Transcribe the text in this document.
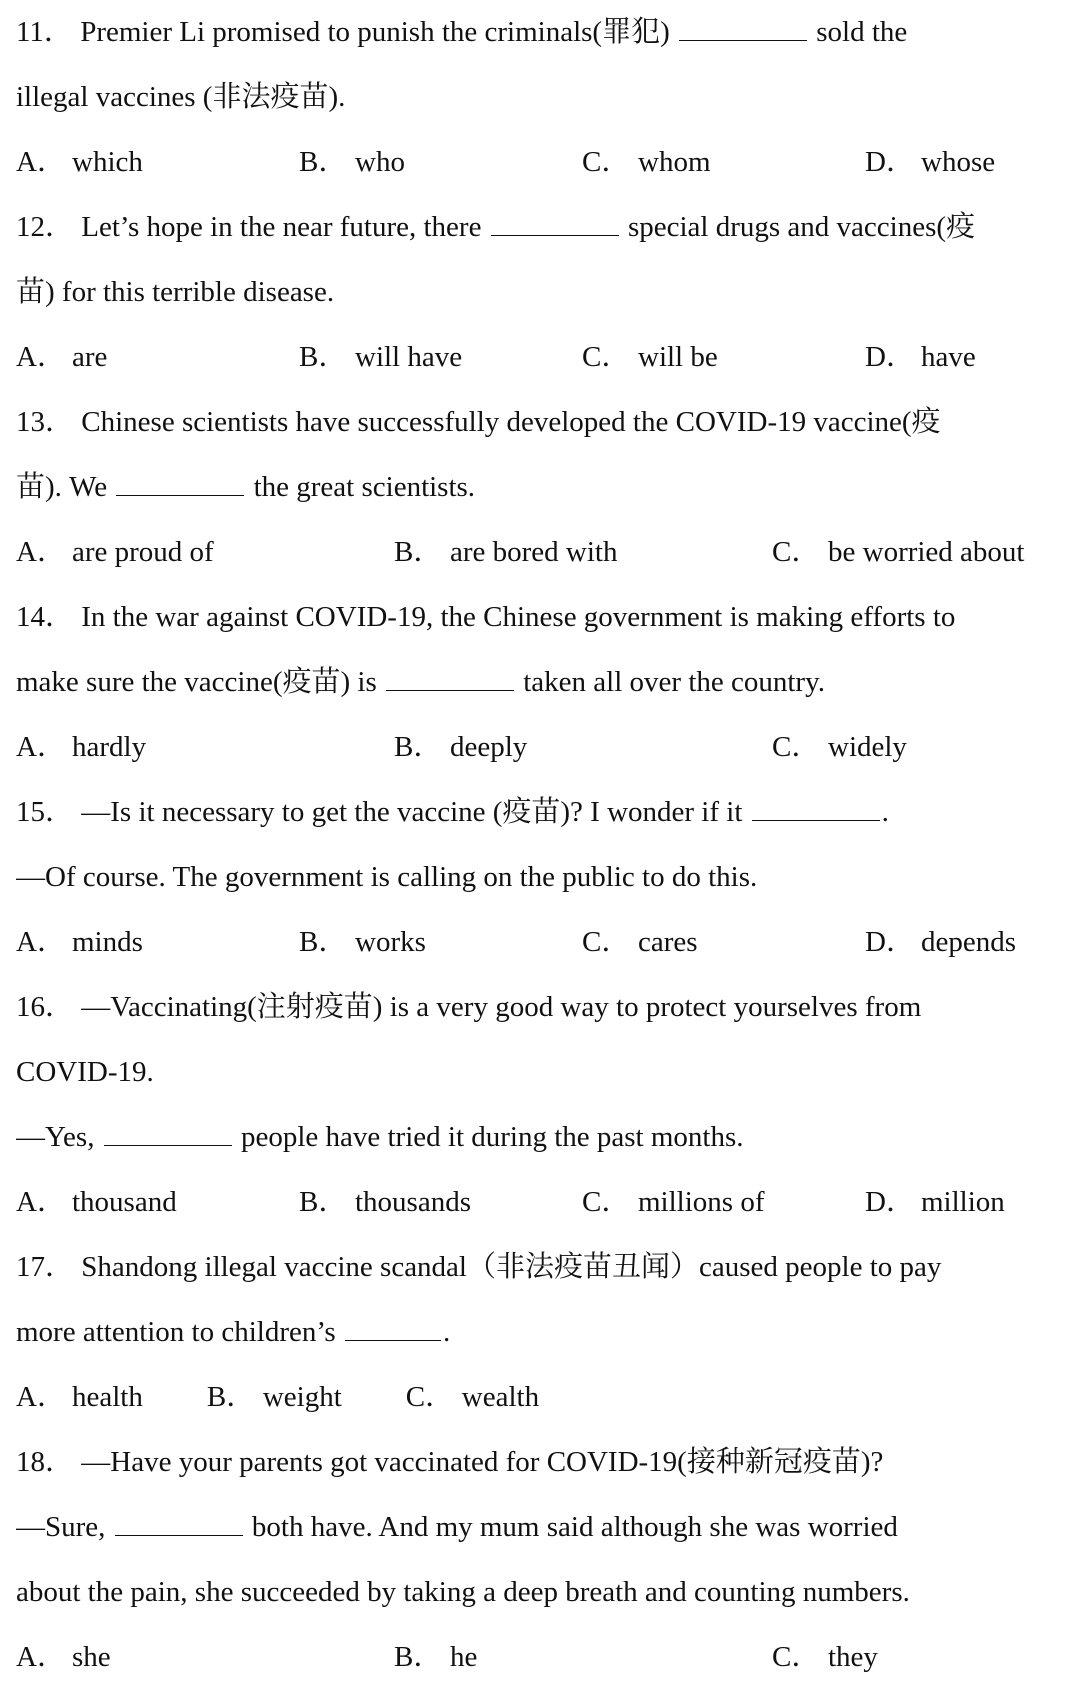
11． Premier Li promised to punish the criminals(罪犯)	sold the
illegal vaccines (非法疫苗).
A． which	B． who	C． whom	D． whose
12． Let’s hope in the near future, there	special drugs and vaccines(疫
苗) for this terrible disease.
A． are	B． will have	C． will be	D． have
13． Chinese scientists have successfully developed the COVID-19 vaccine(疫
苗). We	the great scientists.
A． are proud of	B． are bored with	C． be worried about
14． In the war against COVID-19, the Chinese government is making efforts to
make sure the vaccine(疫苗) is	taken all over the country.
A． hardly	B． deeply	C． widely
15． —Is it necessary to get the vaccine (疫苗)? I wonder if it	.
—Of course. The government is calling on the public to do this.
A． minds	B． works	C． cares	D． depends
16． —Vaccinating(注射疫苗) is a very good way to protect yourselves from
COVID-19.
—Yes,	people have tried it during the past months.
A． thousand	B． thousands	C． millions of	D． million
17． Shandong illegal vaccine scandal（非法疫苗丑闻）caused people to pay
more attention to children’s	.
A． health B． weight C． wealth
18． —Have your parents got vaccinated for COVID-19(接种新冠疫苗)?
—Sure,	both have. And my mum said although she was worried
about the pain, she succeeded by taking a deep breath and counting numbers.
A． she	B． he	C． they
